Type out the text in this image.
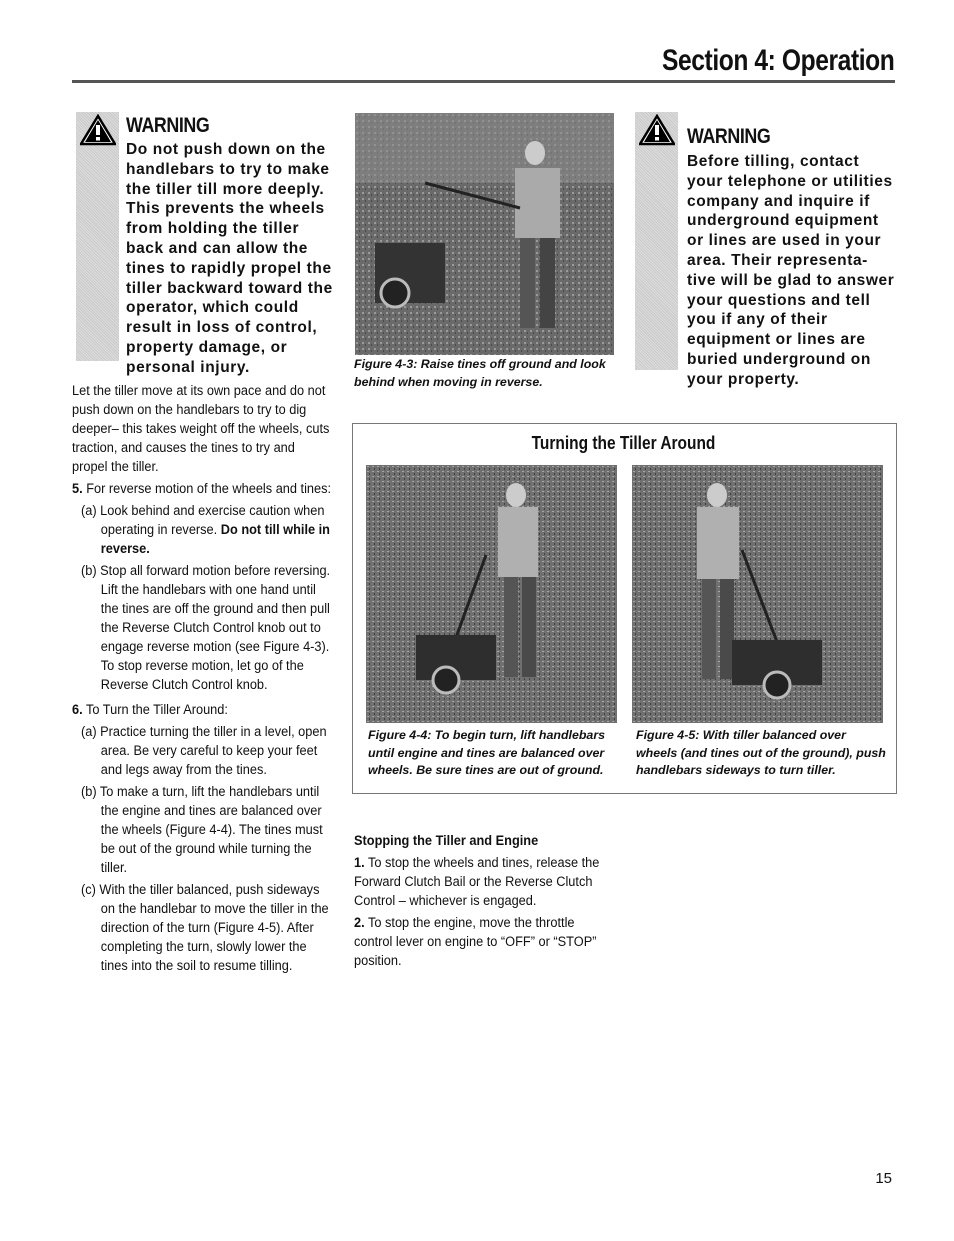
Section 4: Operation
WARNING
Do not push down on the handlebars to try to make the tiller till more deeply. This prevents the wheels from holding the tiller back and can allow the tines to rapidly propel the tiller backward toward the operator, which could result in loss of control, property damage, or personal injury.	Figure 4-3: Raise tines off ground and look behind when moving in reverse.
WARNING
Before tilling, contact your telephone or utilities company and inquire if underground equipment or lines are used in your area. Their representa-tive will be glad to answer your questions and tell you if any of their equipment or lines are buried underground on your property.

Let the tiller move at its own pace and do not push down on the handlebars to try to dig deeper– this takes weight off the wheels, cuts traction, and causes the tines to try and propel the tiller.

5. For reverse motion of the wheels and tines:

(a) Look behind and exercise caution when operating in reverse. Do not till while in reverse.

(b) Stop all forward motion before reversing. Lift the handlebars with one hand until the tines are off the ground and then pull the Reverse Clutch Control knob out to engage reverse motion (see Figure 4-3). To stop reverse motion, let go of the Reverse Clutch Control knob.

6. To Turn the Tiller Around:

(a) Practice turning the tiller in a level, open area. Be very careful to keep your feet and legs away from the tines.

(b) To make a turn, lift the handlebars until the engine and tines are balanced over the wheels (Figure 4-4). The tines must be out of the ground while turning the tiller.

(c) With the tiller balanced, push sideways on the handlebar to move the tiller in the direction of the turn (Figure 4-5). After completing the turn, slowly lower the tines into the soil to resume tilling.

Turning the Tiller Around
Figure 4-4: To begin turn, lift handlebars until engine and tines are balanced over wheels. Be sure tines are out of ground.
Figure 4-5: With tiller balanced over wheels (and tines out of the ground), push handlebars sideways to turn tiller.

Stopping the Tiller and Engine

1. To stop the wheels and tines, release the Forward Clutch Bail or the Reverse Clutch Control – whichever is engaged.

2. To stop the engine, move the throttle control lever on engine to “OFF” or “STOP” position.

15
